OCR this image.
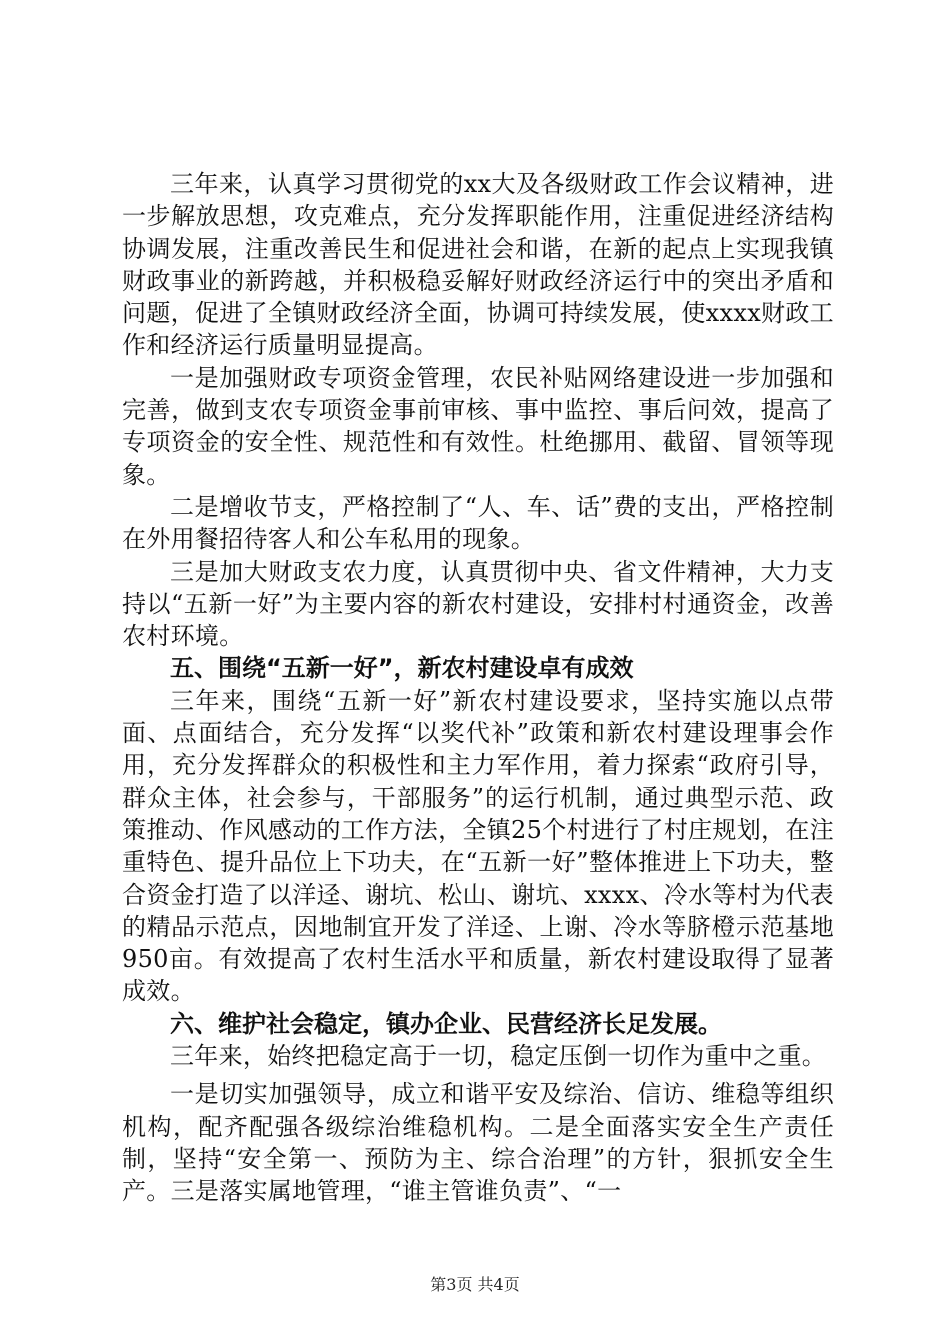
三年来，认真学习贯彻党的xx大及各级财政工作会议精神，进一步解放思想，攻克难点，充分发挥职能作用，注重促进经济结构协调发展，注重改善民生和促进社会和谐，在新的起点上实现我镇财政事业的新跨越，并积极稳妥解好财政经济运行中的突出矛盾和问题，促进了全镇财政经济全面，协调可持续发展，使xxxx财政工作和经济运行质量明显提高。

一是加强财政专项资金管理，农民补贴网络建设进一步加强和完善，做到支农专项资金事前审核、事中监控、事后问效，提高了专项资金的安全性、规范性和有效性。杜绝挪用、截留、冒领等现象。

二是增收节支，严格控制了“人、车、话”费的支出，严格控制在外用餐招待客人和公车私用的现象。

三是加大财政支农力度，认真贯彻中央、省文件精神，大力支持以“五新一好”为主要内容的新农村建设，安排村村通资金，改善农村环境。

五、围绕“五新一好”，新农村建设卓有成效

三年来，围绕“五新一好”新农村建设要求，坚持实施以点带面、点面结合，充分发挥“以奖代补”政策和新农村建设理事会作用，充分发挥群众的积极性和主力军作用，着力探索“政府引导，群众主体，社会参与，干部服务”的运行机制，通过典型示范、政策推动、作风感动的工作方法，全镇25个村进行了村庄规划，在注重特色、提升品位上下功夫，在“五新一好”整体推进上下功夫，整合资金打造了以洋迳、谢坑、松山、谢坑、xxxx、冷水等村为代表的精品示范点，因地制宜开发了洋迳、上谢、冷水等脐橙示范基地950亩。有效提高了农村生活水平和质量，新农村建设取得了显著成效。

六、维护社会稳定，镇办企业、民营经济长足发展。

三年来，始终把稳定高于一切，稳定压倒一切作为重中之重。

一是切实加强领导，成立和谐平安及综治、信访、维稳等组织机构，配齐配强各级综治维稳机构。二是全面落实安全生产责任制，坚持“安全第一、预防为主、综合治理”的方针，狠抓安全生产。三是落实属地管理，“谁主管谁负责”、“一

第3页 共4页
